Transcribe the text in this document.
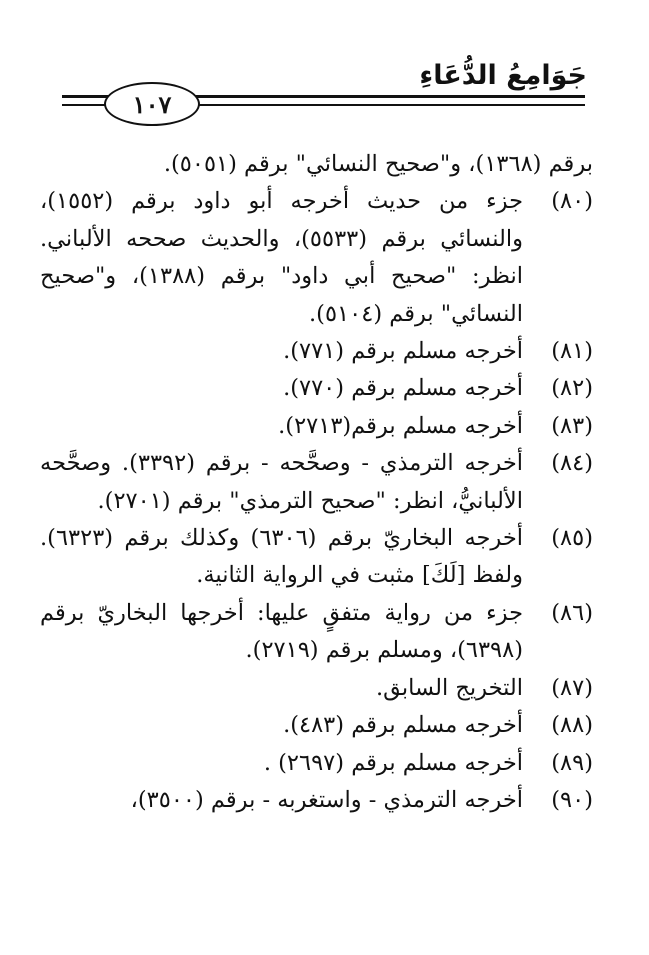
جَوَامِعُ الدُّعَاءِ
١٠٧
برقم (١٣٦٨)، و"صحيح النسائي" برقم (٥٠٥١).
(٨٠)
جزء من حديث أخرجه أبو داود برقم (١٥٥٢)، والنسائي برقم (٥٥٣٣)، والحديث صححه الألباني. انظر: "صحيح أبي داود" برقم (١٣٨٨)، و"صحيح النسائي" برقم (٥١٠٤).
(٨١)
أخرجه مسلم برقم (٧٧١).
(٨٢)
أخرجه مسلم برقم (٧٧٠).
(٨٣)
أخرجه مسلم برقم(٢٧١٣).
(٨٤)
أخرجه الترمذي - وصحَّحه - برقم (٣٣٩٢). وصحَّحه الألبانيُّ، انظر: "صحيح الترمذي" برقم (٢٧٠١).
(٨٥)
أخرجه البخاريّ برقم (٦٣٠٦) وكذلك برقم (٦٣٢٣). ولفظ [لَكَ] مثبت في الرواية الثانية.
(٨٦)
جزء من رواية متفقٍ عليها: أخرجها البخاريّ برقم (٦٣٩٨)، ومسلم برقم (٢٧١٩).
(٨٧)
التخريج السابق.
(٨٨)
أخرجه مسلم برقم (٤٨٣).
(٨٩)
أخرجه مسلم برقم (٢٦٩٧) .
(٩٠)
أخرجه الترمذي - واستغربه - برقم (٣٥٠٠)،
